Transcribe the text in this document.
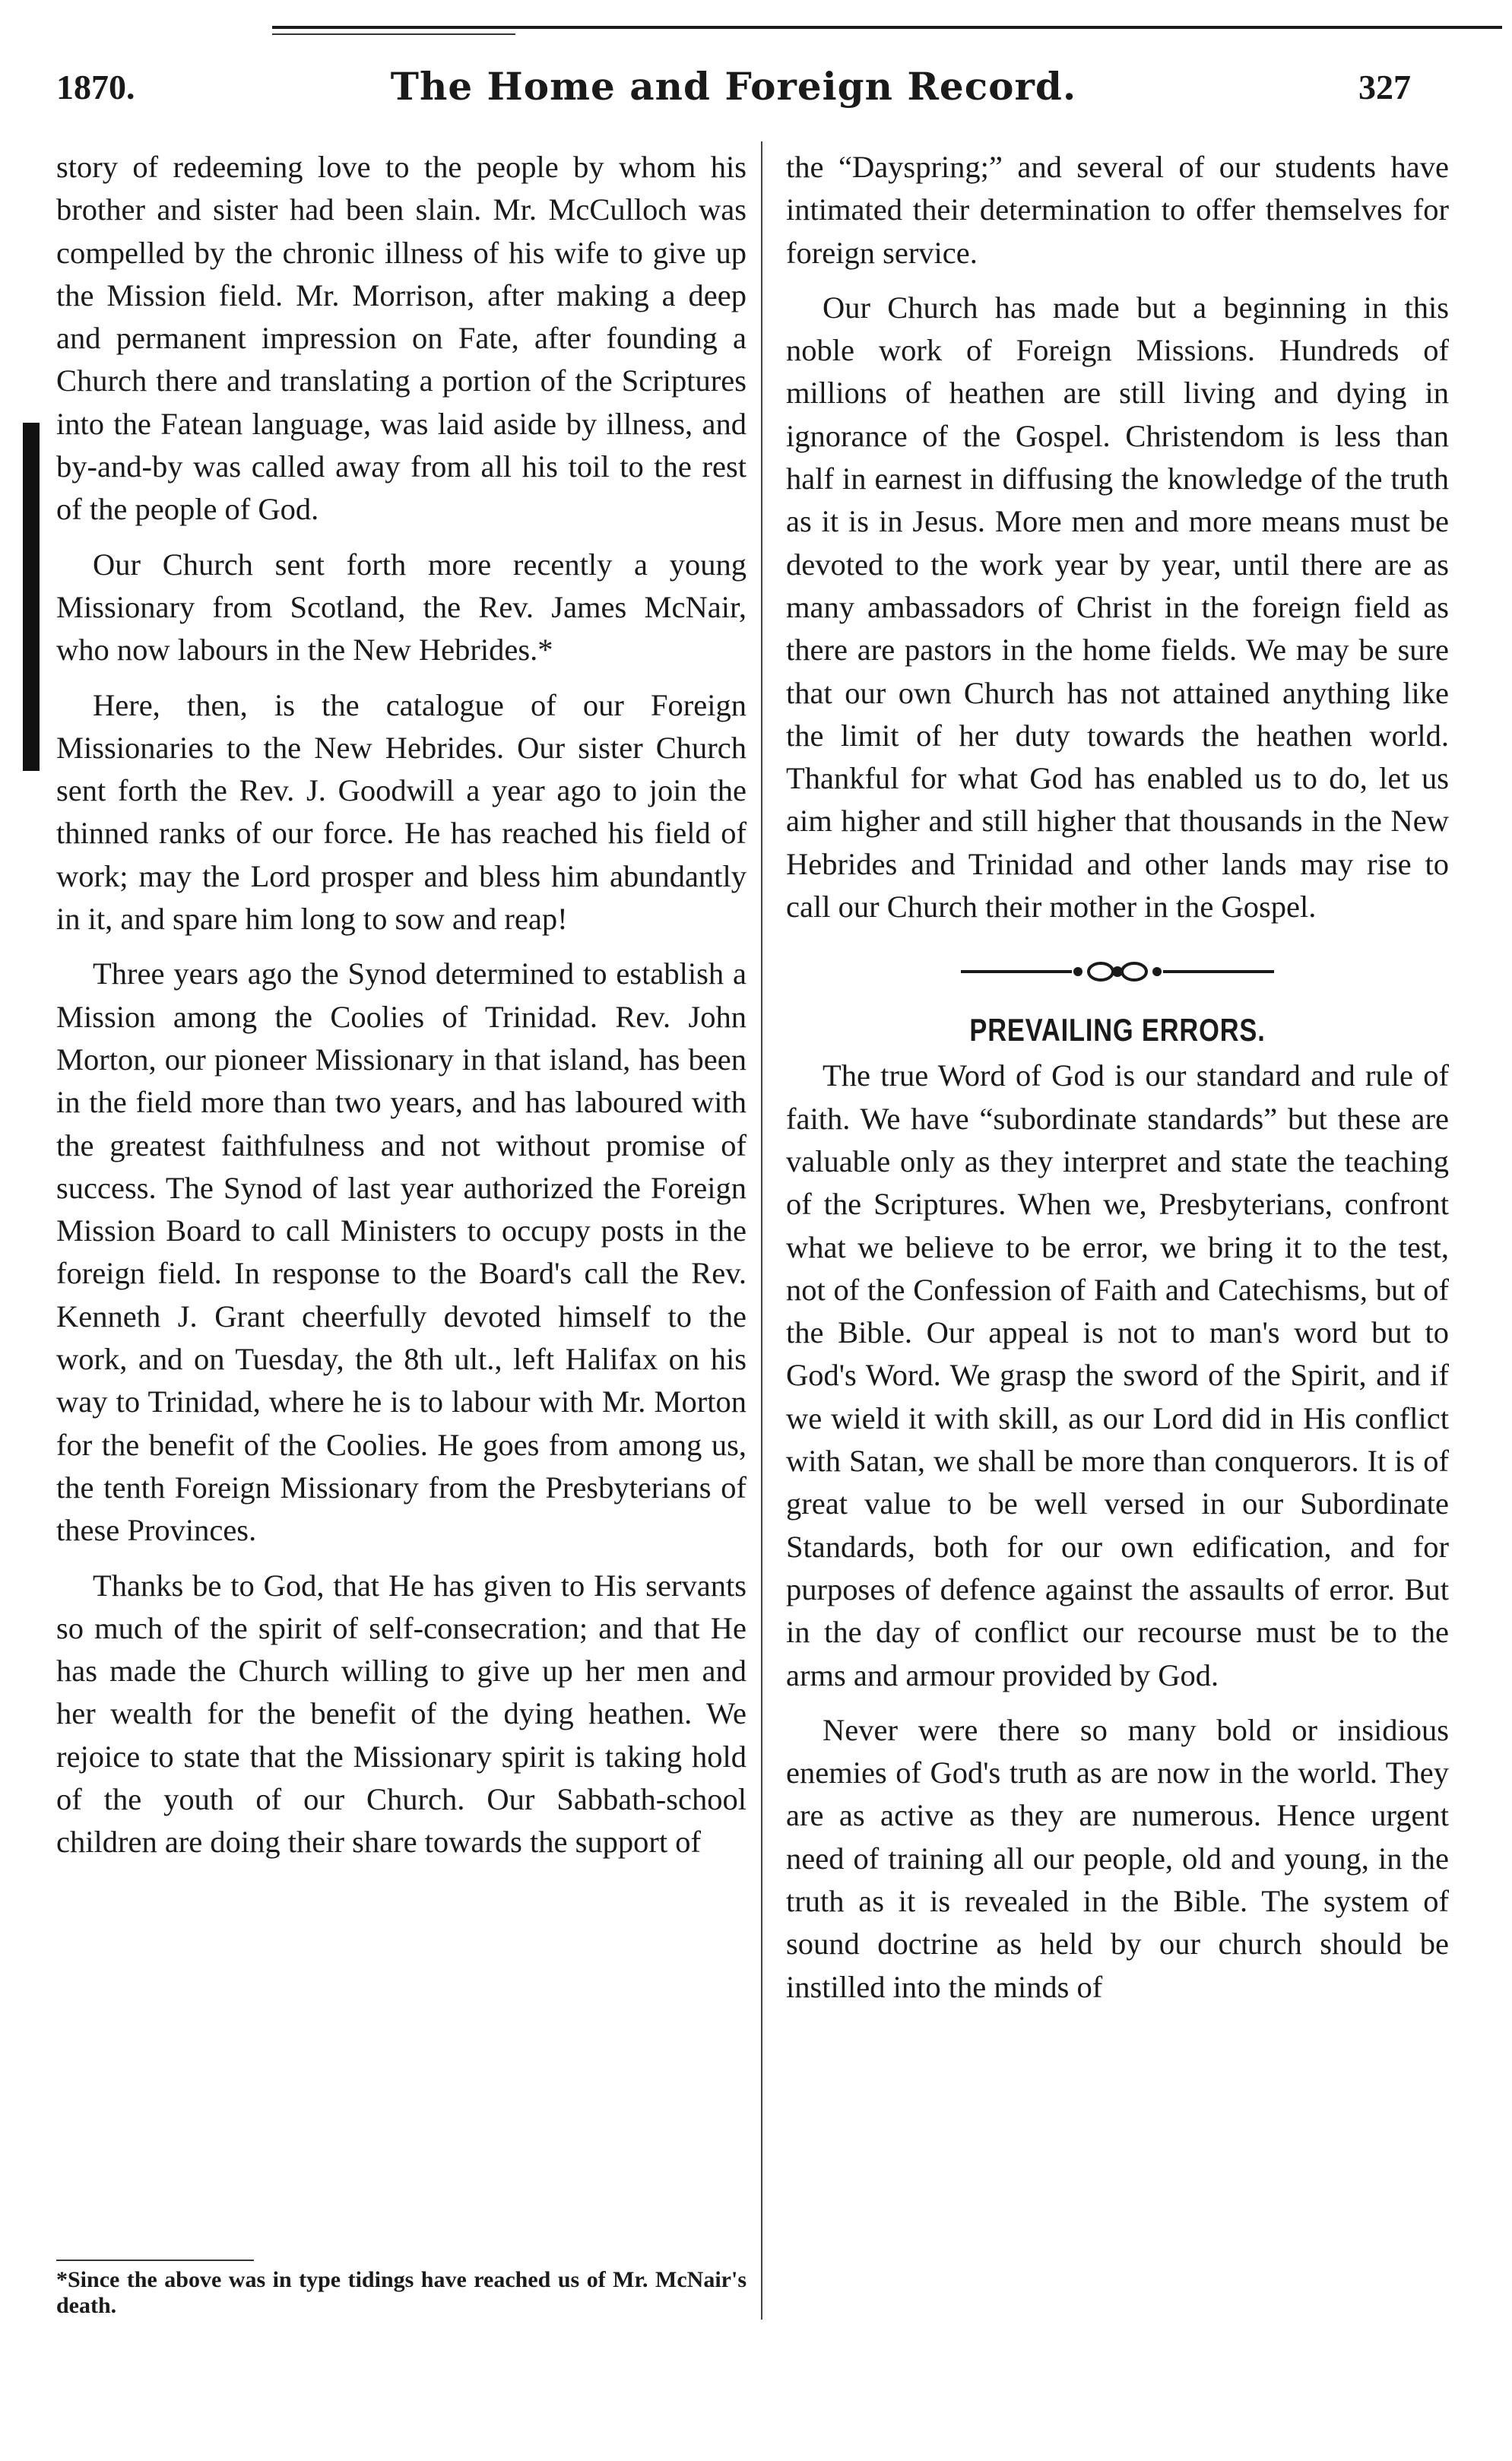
1870.	The Home and Foreign Record.	327

story of redeeming love to the people by whom his brother and sister had been slain. Mr. McCulloch was compelled by the chronic illness of his wife to give up the Mission field. Mr. Morrison, after making a deep and permanent impression on Fate, after founding a Church there and translating a portion of the Scriptures into the Fatean language, was laid aside by illness, and by-and-by was called away from all his toil to the rest of the people of God.

Our Church sent forth more recently a young Missionary from Scotland, the Rev. James McNair, who now labours in the New Hebrides.*

Here, then, is the catalogue of our Foreign Missionaries to the New Hebrides. Our sister Church sent forth the Rev. J. Goodwill a year ago to join the thinned ranks of our force. He has reached his field of work; may the Lord prosper and bless him abundantly in it, and spare him long to sow and reap!

Three years ago the Synod determined to establish a Mission among the Coolies of Trinidad. Rev. John Morton, our pioneer Missionary in that island, has been in the field more than two years, and has laboured with the greatest faithfulness and not without promise of success. The Synod of last year authorized the Foreign Mission Board to call Ministers to occupy posts in the foreign field. In response to the Board's call the Rev. Kenneth J. Grant cheerfully devoted himself to the work, and on Tuesday, the 8th ult., left Halifax on his way to Trinidad, where he is to labour with Mr. Morton for the benefit of the Coolies. He goes from among us, the tenth Foreign Missionary from the Presbyterians of these Provinces.

Thanks be to God, that He has given to His servants so much of the spirit of self-consecration; and that He has made the Church willing to give up her men and her wealth for the benefit of the dying heathen. We rejoice to state that the Missionary spirit is taking hold of the youth of our Church. Our Sabbath-school children are doing their share towards the support of

*Since the above was in type tidings have reached us of Mr. McNair's death.

the “Dayspring;” and several of our students have intimated their determination to offer themselves for foreign service.

Our Church has made but a beginning in this noble work of Foreign Missions. Hundreds of millions of heathen are still living and dying in ignorance of the Gospel. Christendom is less than half in earnest in diffusing the knowledge of the truth as it is in Jesus. More men and more means must be devoted to the work year by year, until there are as many ambassadors of Christ in the foreign field as there are pastors in the home fields. We may be sure that our own Church has not attained anything like the limit of her duty towards the heathen world. Thankful for what God has enabled us to do, let us aim higher and still higher that thousands in the New Hebrides and Trinidad and other lands may rise to call our Church their mother in the Gospel.

PREVAILING ERRORS.

The true Word of God is our standard and rule of faith. We have “subordinate standards” but these are valuable only as they interpret and state the teaching of the Scriptures. When we, Presbyterians, confront what we believe to be error, we bring it to the test, not of the Confession of Faith and Catechisms, but of the Bible. Our appeal is not to man's word but to God's Word. We grasp the sword of the Spirit, and if we wield it with skill, as our Lord did in His conflict with Satan, we shall be more than conquerors. It is of great value to be well versed in our Subordinate Standards, both for our own edification, and for purposes of defence against the assaults of error. But in the day of conflict our recourse must be to the arms and armour provided by God.

Never were there so many bold or insidious enemies of God's truth as are now in the world. They are as active as they are numerous. Hence urgent need of training all our people, old and young, in the truth as it is revealed in the Bible. The system of sound doctrine as held by our church should be instilled into the minds of
